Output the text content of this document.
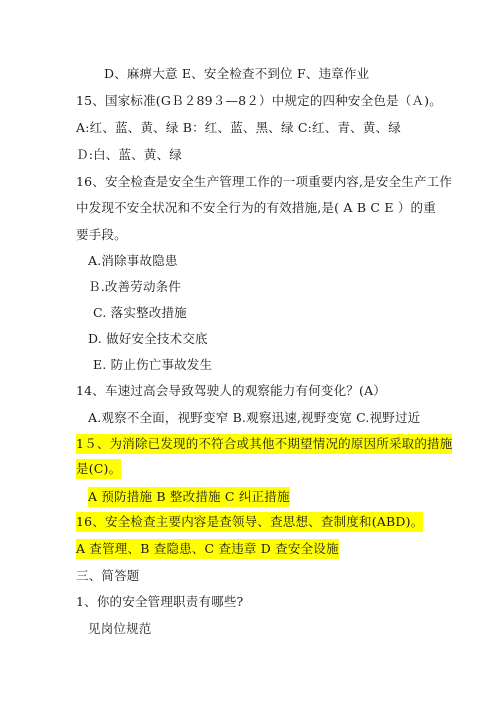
D、麻痹大意 E、安全检查不到位 F、违章作业
15、国家标准(GＢ２89３—8２）中规定的四种安全色是（Ａ)。
A:红、蓝、黄、绿 B：红、蓝、黑、绿 C:红、青、黄、绿
Ｄ:白、蓝、黄、绿
16、安全检查是安全生产管理工作的一项重要内容,是安全生产工作
中发现不安全状况和不安全行为的有效措施,是( A B C E ）的重
要手段。
A.消除事故隐患
Ｂ.改善劳动条件
C. 落实整改措施
D. 做好安全技术交底
E. 防止伤亡事故发生
14、车速过高会导致驾驶人的观察能力有何变化？(A）
A.观察不全面，视野变窄 B.观察迅速,视野变宽 C.视野过近
1５、为消除已发现的不符合或其他不期望情况的原因所采取的措施
是(C)。
A 预防措施 B 整改措施 C 纠正措施
16、安全检查主要内容是查领导、查思想、查制度和(ABD)。
A 查管理、B 查隐患、C 查违章 D 查安全设施
三、简答题
1、你的安全管理职责有哪些?
见岗位规范
